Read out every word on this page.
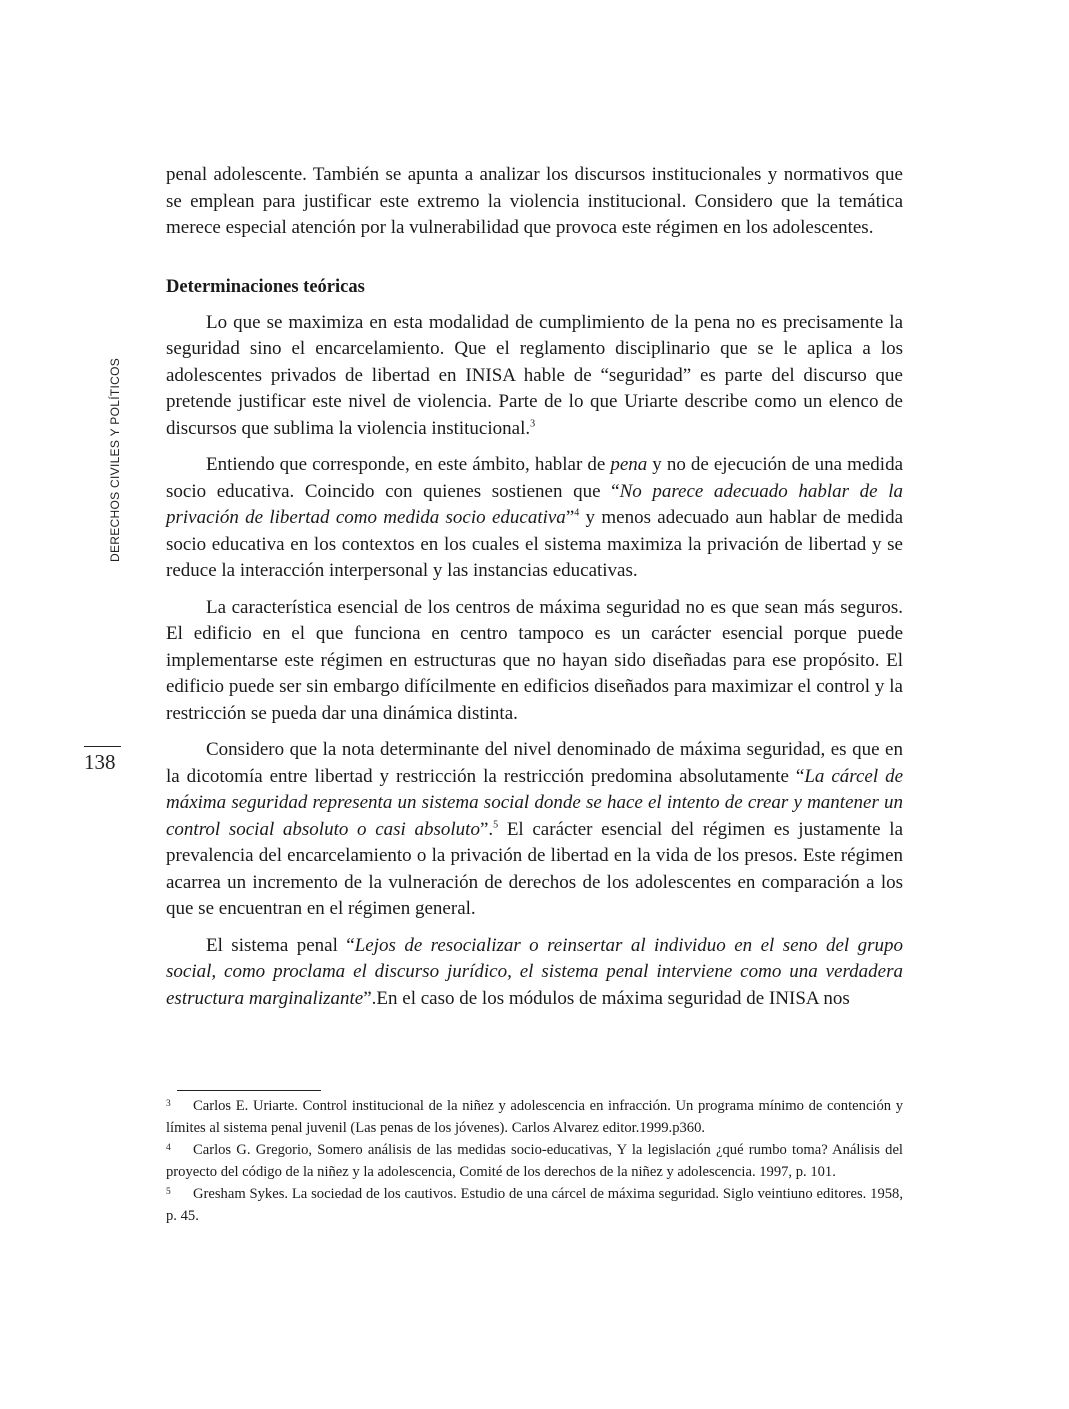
DERECHOS CIVILES Y POLÍTICOS
138

penal adolescente. También se apunta a analizar los discursos institucionales y normativos que se emplean para justificar este extremo la violencia institucional. Considero que la temática merece especial atención por la vulnerabilidad que provoca este régimen en los adolescentes.

Determinaciones teóricas

Lo que se maximiza en esta modalidad de cumplimiento de la pena no es precisamente la seguridad sino el encarcelamiento. Que el reglamento disciplinario que se le aplica a los adolescentes privados de libertad en INISA hable de “seguridad” es parte del discurso que pretende justificar este nivel de violencia. Parte de lo que Uriarte describe como un elenco de discursos que sublima la violencia institucional.$^3$

Entiendo que corresponde, en este ámbito, hablar de pena y no de ejecución de una medida socio educativa. Coincido con quienes sostienen que “No parece adecuado hablar de la privación de libertad como medida socio educativa”$^4$ y menos adecuado aun hablar de medida socio educativa en los contextos en los cuales el sistema maximiza la privación de libertad y se reduce la interacción interpersonal y las instancias educativas.

La característica esencial de los centros de máxima seguridad no es que sean más seguros. El edificio en el que funciona en centro tampoco es un carácter esencial porque puede implementarse este régimen en estructuras que no hayan sido diseñadas para ese propósito. El edificio puede ser sin embargo difícilmente en edificios diseñados para maximizar el control y la restricción se pueda dar una dinámica distinta.

Considero que la nota determinante del nivel denominado de máxima seguridad, es que en la dicotomía entre libertad y restricción la restricción predomina absolutamente “La cárcel de máxima seguridad representa un sistema social donde se hace el intento de crear y mantener un control social absoluto o casi absoluto”.$^5$ El carácter esencial del régimen es justamente la prevalencia del encarcelamiento o la privación de libertad en la vida de los presos. Este régimen acarrea un incremento de la vulneración de derechos de los adolescentes en comparación a los que se encuentran en el régimen general.

El sistema penal “Lejos de resocializar o reinsertar al individuo en el seno del grupo social, como proclama el discurso jurídico, el sistema penal interviene como una verdadera estructura marginalizante”.En el caso de los módulos de máxima seguridad de INISA nos

3 Carlos E. Uriarte. Control institucional de la niñez y adolescencia en infracción. Un programa mínimo de contención y límites al sistema penal juvenil (Las penas de los jóvenes). Carlos Alvarez editor.1999.p360.

4 Carlos G. Gregorio, Somero análisis de las medidas socio-educativas, Y la legislación ¿qué rumbo toma? Análisis del proyecto del código de la niñez y la adolescencia, Comité de los derechos de la niñez y adolescencia. 1997, p. 101.

5 Gresham Sykes. La sociedad de los cautivos. Estudio de una cárcel de máxima seguridad. Siglo veintiuno editores. 1958, p. 45.
